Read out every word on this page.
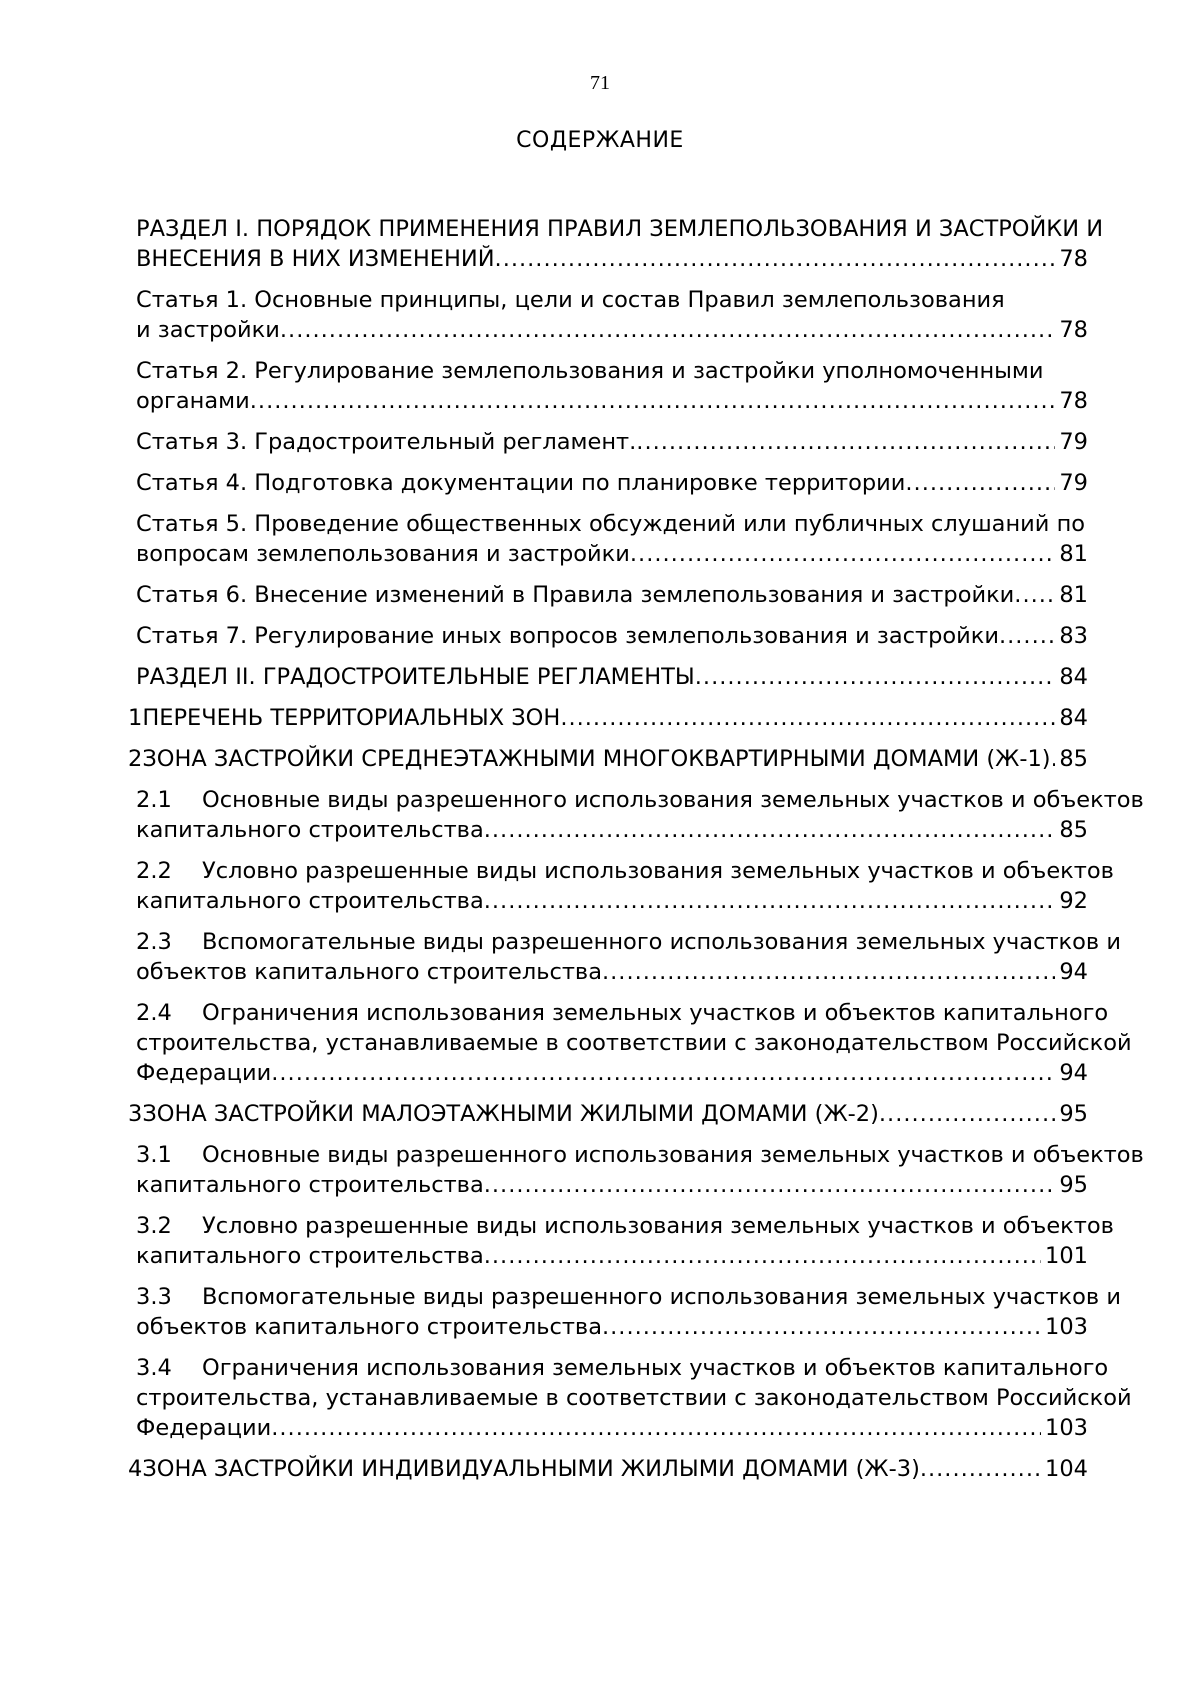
71
СОДЕРЖАНИЕ
РАЗДЕЛ I. ПОРЯДОК ПРИМЕНЕНИЯ ПРАВИЛ ЗЕМЛЕПОЛЬЗОВАНИЯ И ЗАСТРОЙКИ И
ВНЕСЕНИЯ В НИХ ИЗМЕНЕНИЙ .....	78
Статья 1. Основные принципы, цели и состав Правил землепользования
и застройки .....	78
Статья 2. Регулирование землепользования и застройки уполномоченными
органами .....	78
Статья 3. Градостроительный регламент. .....	79
Статья 4. Подготовка документации по планировке территории .....	79
Статья 5. Проведение общественных обсуждений или публичных слушаний по
вопросам землепользования и застройки .....	81
Статья 6. Внесение изменений в Правила землепользования и застройки ..... 81
Статья 7. Регулирование иных вопросов землепользования и застройки .....	83
РАЗДЕЛ II. ГРАДОСТРОИТЕЛЬНЫЕ РЕГЛАМЕНТЫ .....	84
1 ПЕРЕЧЕНЬ ТЕРРИТОРИАЛЬНЫХ ЗОН .....	84
2 ЗОНА ЗАСТРОЙКИ СРЕДНЕЭТАЖНЫМИ МНОГОКВАРТИРНЫМИ ДОМАМИ (Ж-1) ..... 85
2.1 Основные виды разрешенного использования земельных участков и объектов
капитального строительства .....	85
2.2 Условно разрешенные виды использования земельных участков и объектов
капитального строительства .....	92
2.3 Вспомогательные виды разрешенного использования земельных участков и
объектов капитального строительства .....	94
2.4 Ограничения использования земельных участков и объектов капитального
строительства, устанавливаемые в соответствии с законодательством Российской
Федерации .....	94
3 ЗОНА ЗАСТРОЙКИ МАЛОЭТАЖНЫМИ ЖИЛЫМИ ДОМАМИ (Ж-2) .....	95
3.1 Основные виды разрешенного использования земельных участков и объектов
капитального строительства .....	95
3.2 Условно разрешенные виды использования земельных участков и объектов
капитального строительства .....	101
3.3 Вспомогательные виды разрешенного использования земельных участков и
объектов капитального строительства .....	103
3.4 Ограничения использования земельных участков и объектов капитального
строительства, устанавливаемые в соответствии с законодательством Российской
Федерации .....	103
4 ЗОНА ЗАСТРОЙКИ ИНДИВИДУАЛЬНЫМИ ЖИЛЫМИ ДОМАМИ (Ж-3) .....	104
